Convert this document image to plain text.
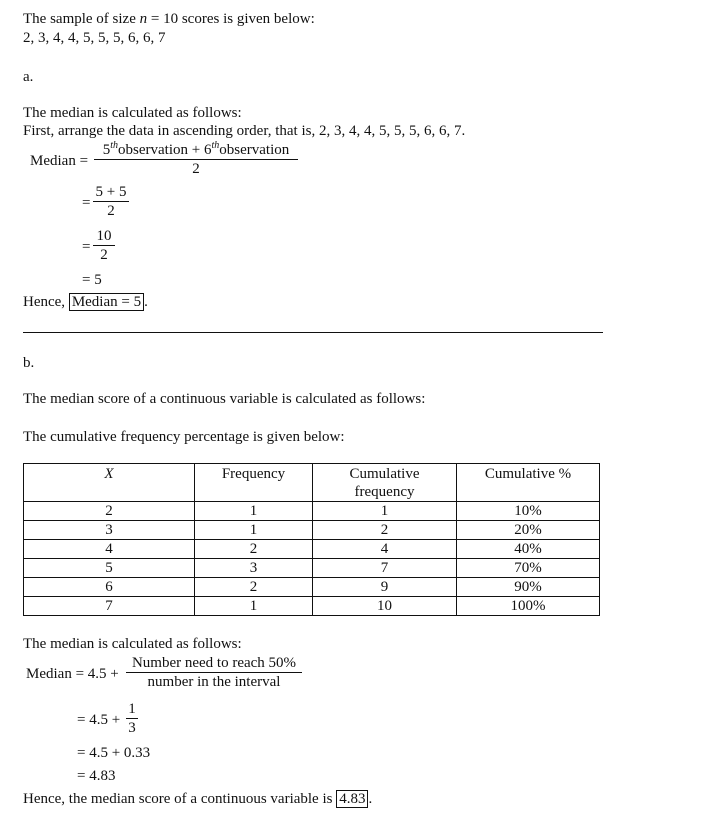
The sample of size n = 10 scores is given below:
2, 3, 4, 4, 5, 5, 5, 6, 6, 7
a.
The median is calculated as follows:
First, arrange the data in ascending order, that is, 2, 3, 4, 4, 5, 5, 5, 6, 6, 7.
Median =
5thobservation + 6thobservation
2
= $\frac{5 + 5}{2}$
= $\frac{10}{2}$
= 5
Hence, Median = 5 .
b.
The median score of a continuous variable is calculated as follows:
The cumulative frequency percentage is given below:
X	Frequency	Cumulative frequency	Cumulative %
2	1	1	10%
3	1	2	20%
4	2	4	40%
5	3	7	70%
6	2	9	90%
7	1	10	100%
The median is calculated as follows:
Median = 4.5 +
Number need to reach 50%
number in the interval
= $4.5 + \frac{1}{3}$
= 4.5 + 0.33
= 4.83
Hence, the median score of a continuous variable is 4.83 .
